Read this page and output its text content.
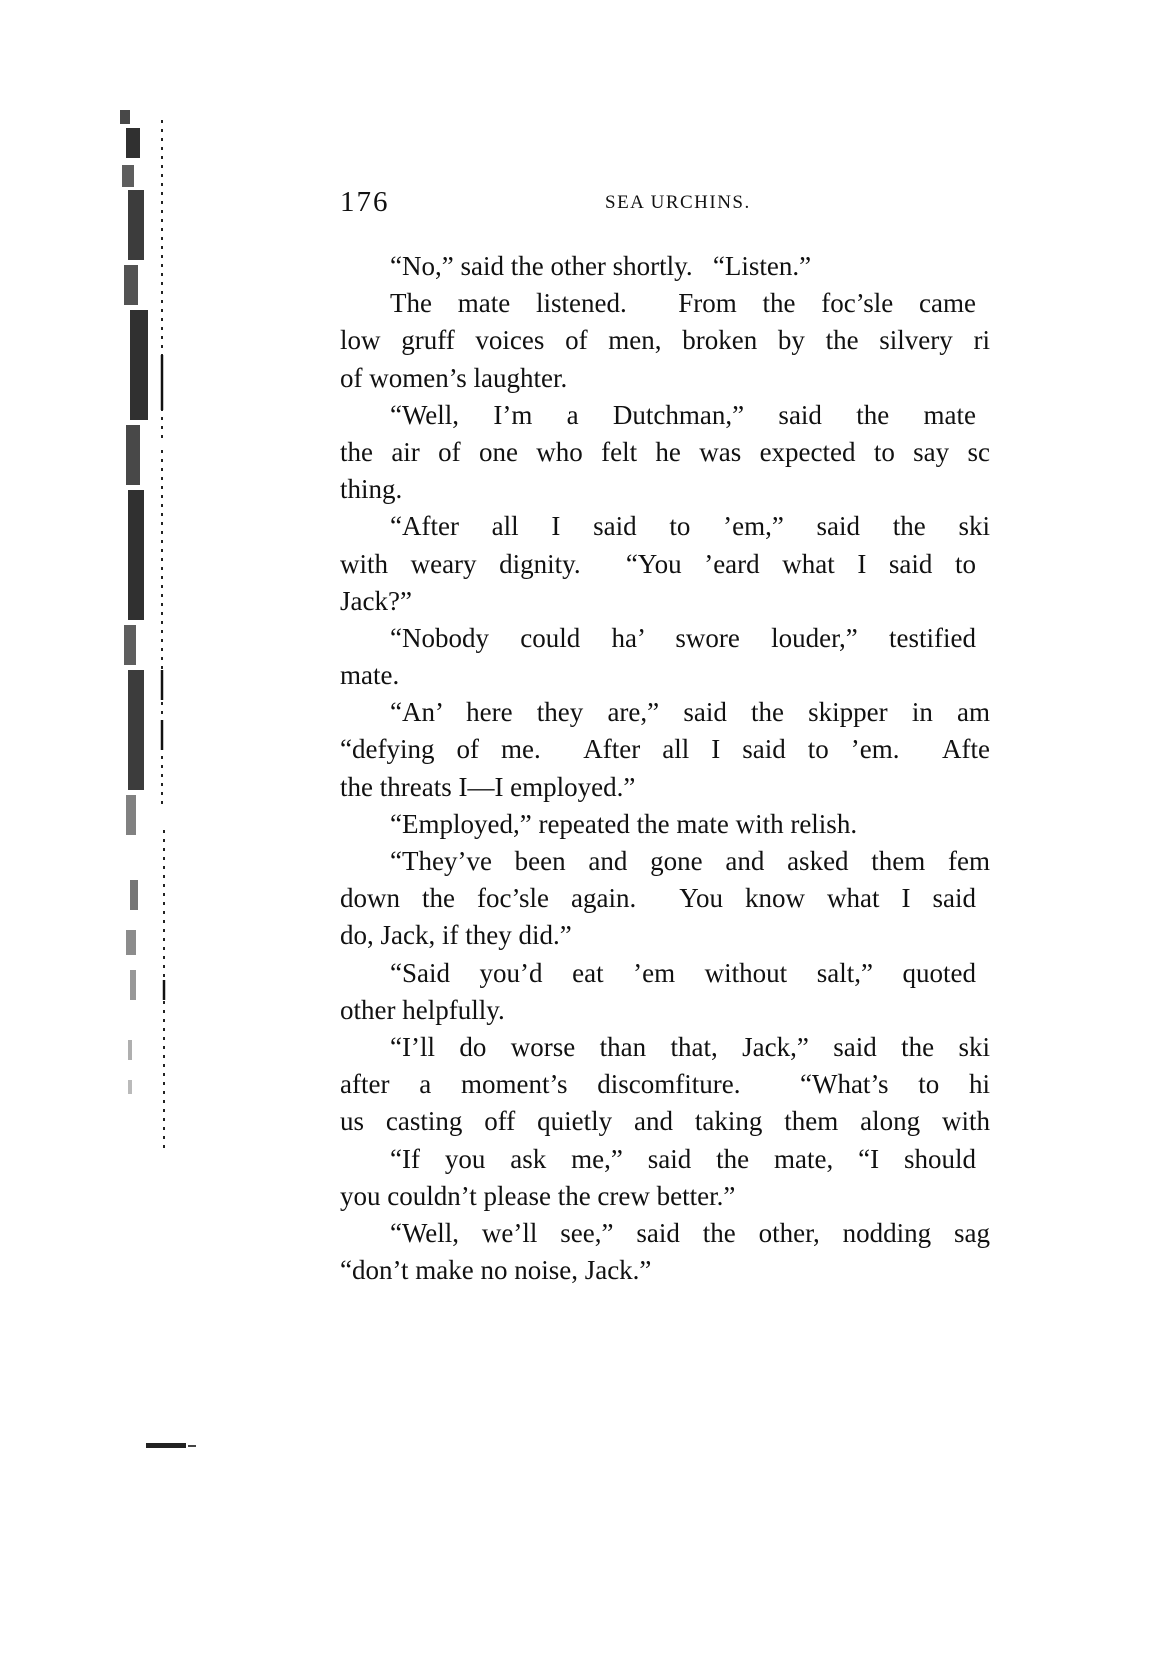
176	SEA URCHINS.
“No,” said the other shortly.   “Listen.”
The mate listened.  From the foc’sle came
low gruff voices of men, broken by the silvery ri
of women’s laughter.
“Well, I’m a Dutchman,” said the mate
the air of one who felt he was expected to say sc
thing.
“After all I said to ’em,” said the ski
with weary dignity.  “You ’eard what I said to
Jack?”
“Nobody could ha’ swore louder,” testified
mate.
“An’ here they are,” said the skipper in am
“defying of me.  After all I said to ’em.  Afte
the threats I—I employed.”
“Employed,” repeated the mate with relish.
“They’ve been and gone and asked them fem
down the foc’sle again.  You know what I said
do, Jack, if they did.”
“Said you’d eat ’em without salt,” quoted
other helpfully.
“I’ll do worse than that, Jack,” said the ski
after a moment’s discomfiture.  “What’s to hi
us casting off quietly and taking them along with
“If you ask me,” said the mate, “I should
you couldn’t please the crew better.”
“Well, we’ll see,” said the other, nodding sag
“don’t make no noise, Jack.”
